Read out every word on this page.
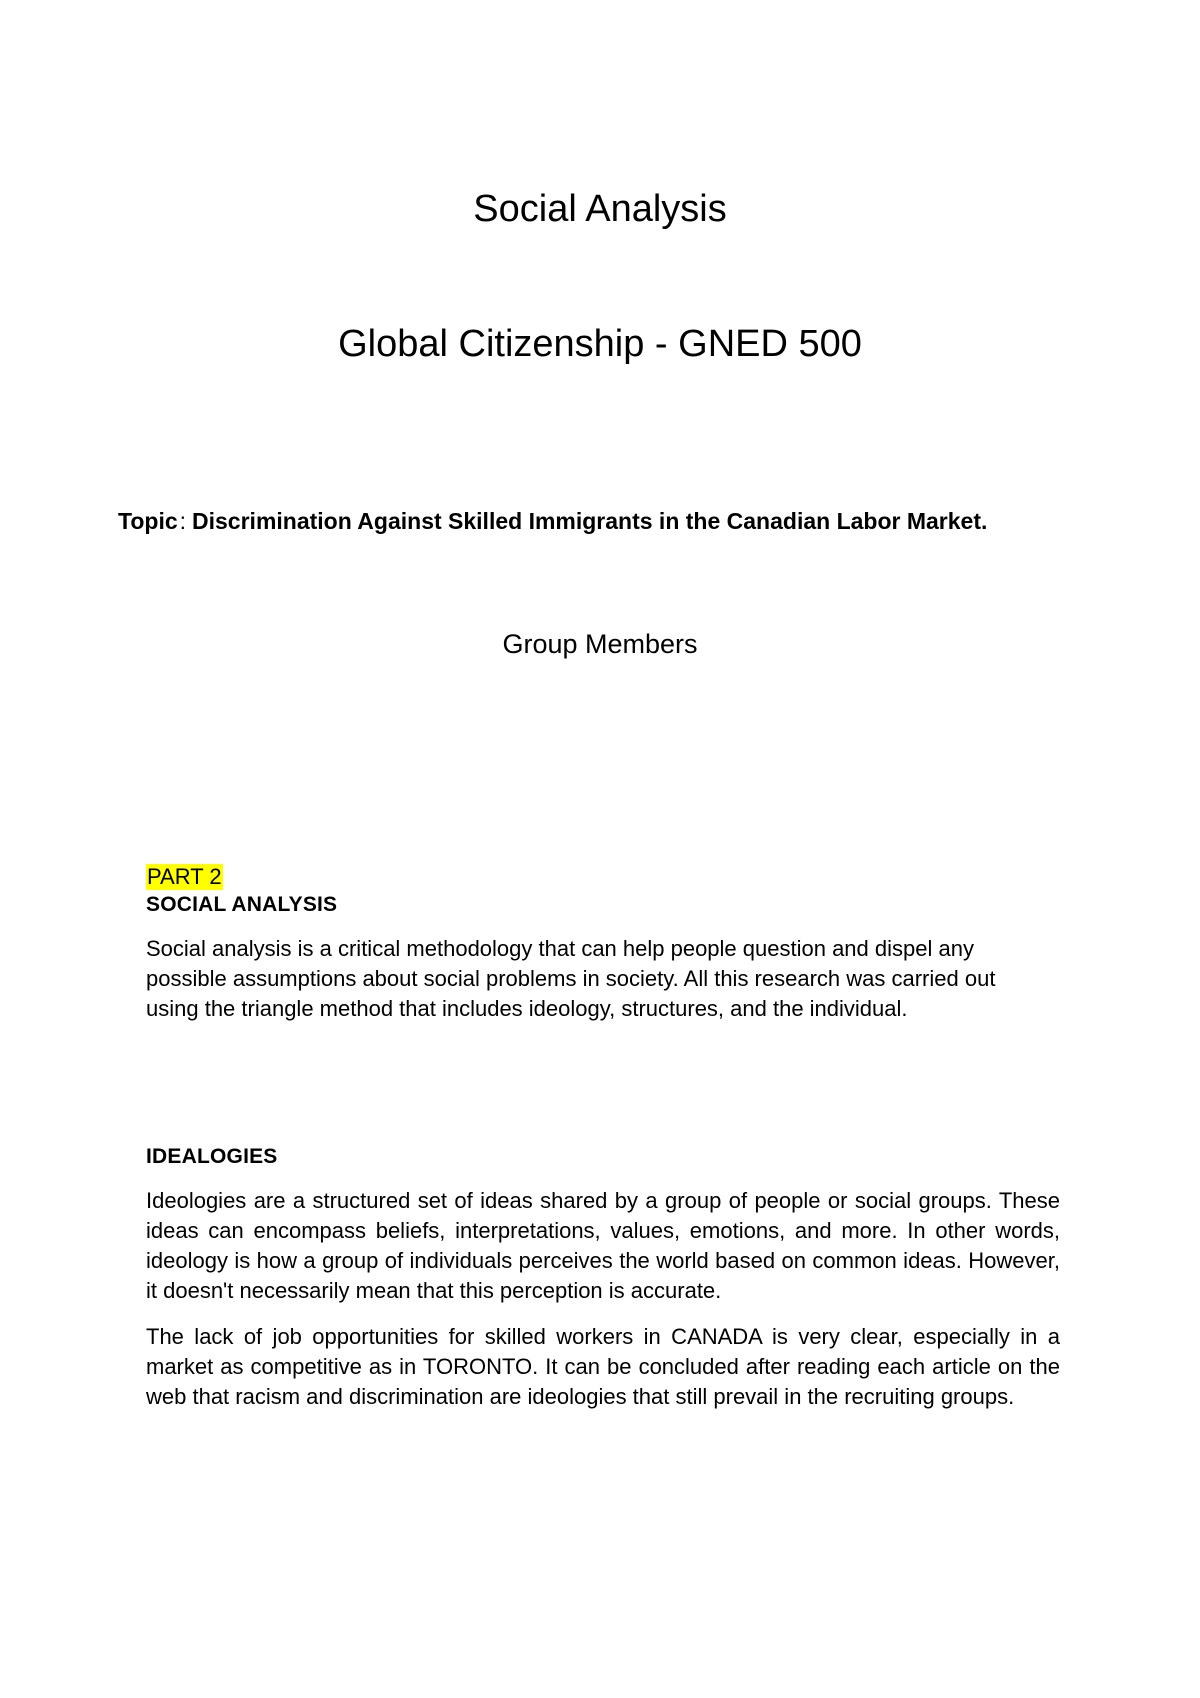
Social Analysis
Global Citizenship - GNED 500

Topic: Discrimination Against Skilled Immigrants in the Canadian Labor Market.

Group Members
PART 2
SOCIAL ANALYSIS

Social analysis is a critical methodology that can help people question and dispel any possible assumptions about social problems in society. All this research was carried out using the triangle method that includes ideology, structures, and the individual.

IDEALOGIES

Ideologies are a structured set of ideas shared by a group of people or social groups. These ideas can encompass beliefs, interpretations, values, emotions, and more. In other words, ideology is how a group of individuals perceives the world based on common ideas. However, it doesn't necessarily mean that this perception is accurate.

The lack of job opportunities for skilled workers in CANADA is very clear, especially in a market as competitive as in TORONTO. It can be concluded after reading each article on the web that racism and discrimination are ideologies that still prevail in the recruiting groups.
